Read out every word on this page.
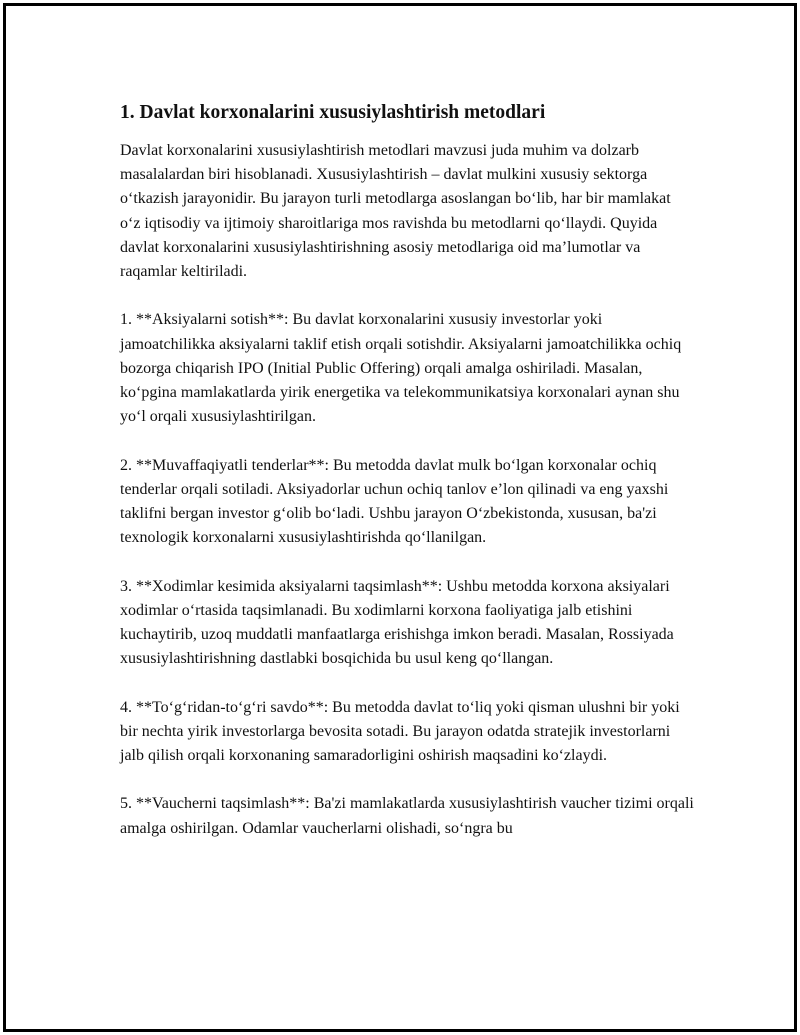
1. Davlat korxonalarini xususiylashtirish metodlari

Davlat korxonalarini xususiylashtirish metodlari mavzusi juda muhim va dolzarb masalalardan biri hisoblanadi. Xususiylashtirish – davlat mulkini xususiy sektorga o‘tkazish jarayonidir. Bu jarayon turli metodlarga asoslangan bo‘lib, har bir mamlakat o‘z iqtisodiy va ijtimoiy sharoitlariga mos ravishda bu metodlarni qo‘llaydi. Quyida davlat korxonalarini xususiylashtirishning asosiy metodlariga oid ma’lumotlar va raqamlar keltiriladi.

1. **Aksiyalarni sotish**: Bu davlat korxonalarini xususiy investorlar yoki jamoatchilikka aksiyalarni taklif etish orqali sotishdir. Aksiyalarni jamoatchilikka ochiq bozorga chiqarish IPO (Initial Public Offering) orqali amalga oshiriladi. Masalan, ko‘pgina mamlakatlarda yirik energetika va telekommunikatsiya korxonalari aynan shu yo‘l orqali xususiylashtirilgan.

2. **Muvaffaqiyatli tenderlar**: Bu metodda davlat mulk bo‘lgan korxonalar ochiq tenderlar orqali sotiladi. Aksiyadorlar uchun ochiq tanlov e’lon qilinadi va eng yaxshi taklifni bergan investor g‘olib bo‘ladi. Ushbu jarayon O‘zbekistonda, xususan, ba'zi texnologik korxonalarni xususiylashtirishda qo‘llanilgan.

3. **Xodimlar kesimida aksiyalarni taqsimlash**: Ushbu metodda korxona aksiyalari xodimlar o‘rtasida taqsimlanadi. Bu xodimlarni korxona faoliyatiga jalb etishini kuchaytirib, uzoq muddatli manfaatlarga erishishga imkon beradi. Masalan, Rossiyada xususiylashtirishning dastlabki bosqichida bu usul keng qo‘llangan.

4. **To‘g‘ridan-to‘g‘ri savdo**: Bu metodda davlat to‘liq yoki qisman ulushni bir yoki bir nechta yirik investorlarga bevosita sotadi. Bu jarayon odatda stratejik investorlarni jalb qilish orqali korxonaning samaradorligini oshirish maqsadini ko‘zlaydi.

5. **Vaucherni taqsimlash**: Ba'zi mamlakatlarda xususiylashtirish vaucher tizimi orqali amalga oshirilgan. Odamlar vaucherlarni olishadi, so‘ngra bu
